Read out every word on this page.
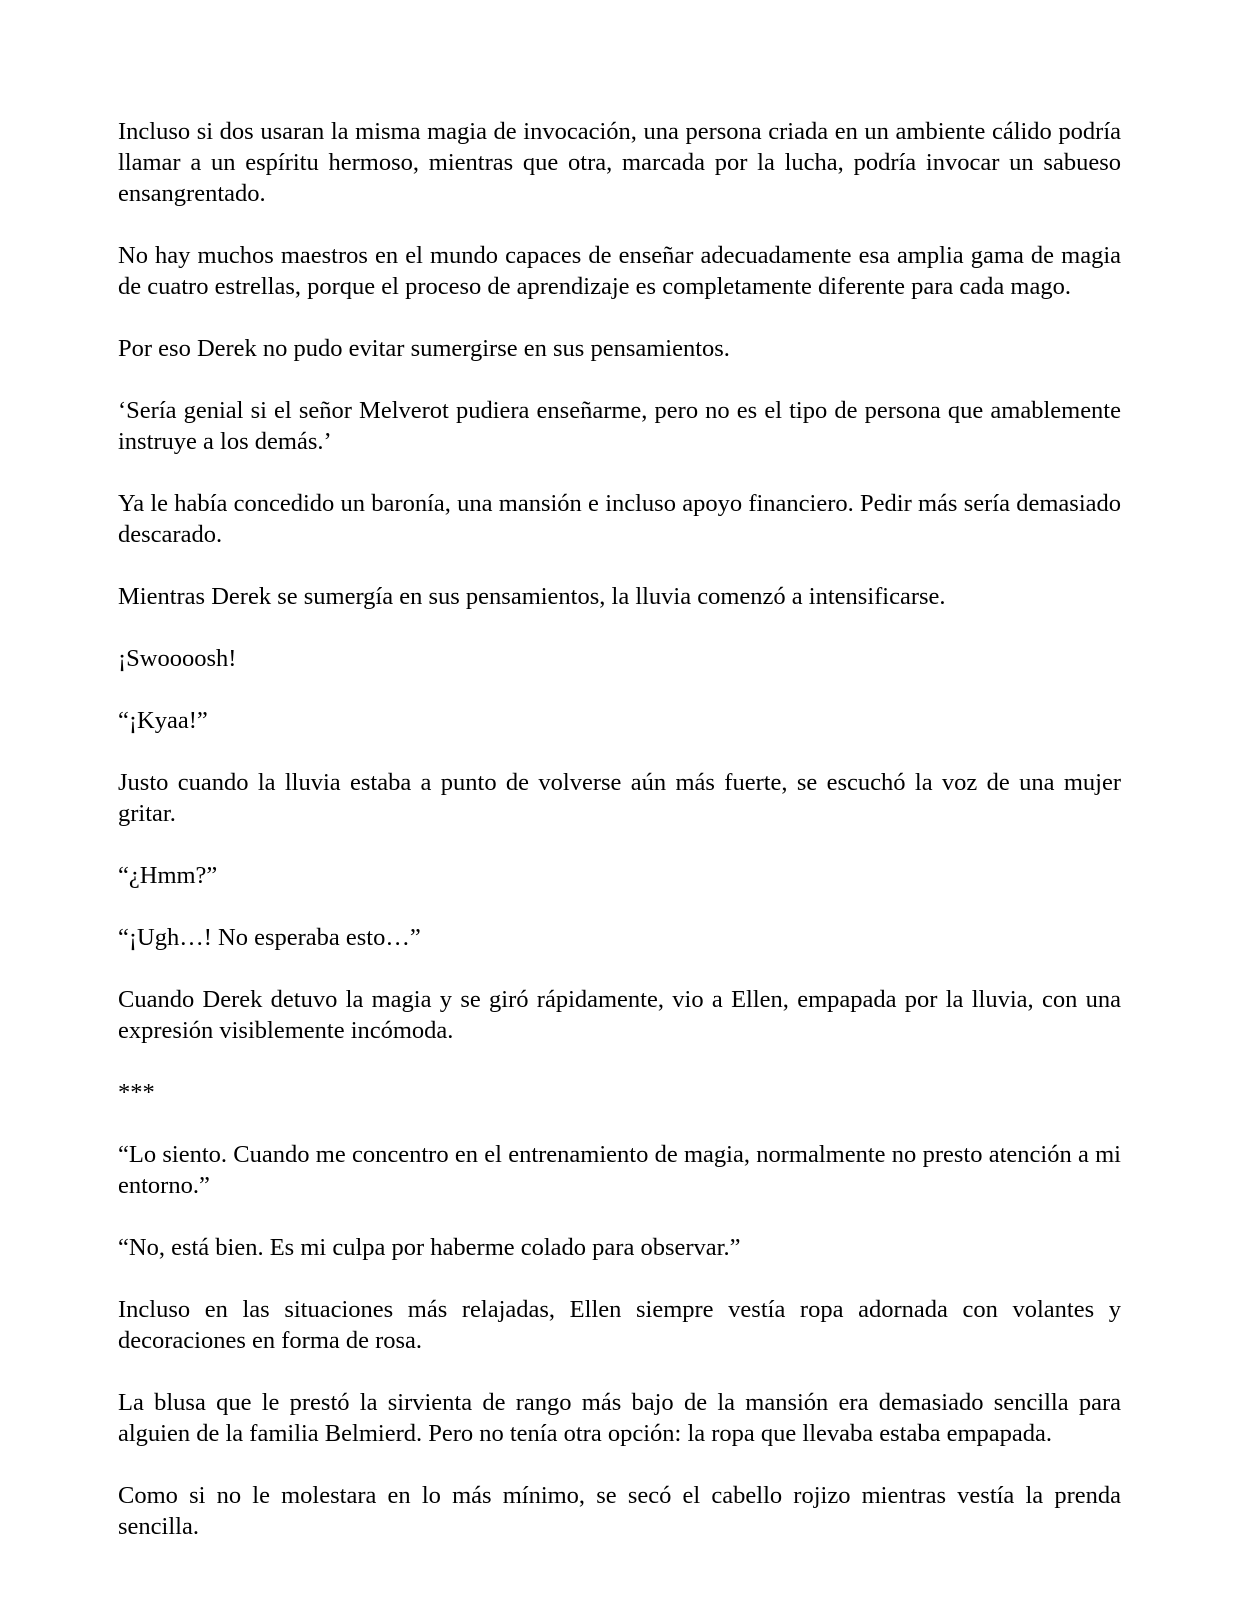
Incluso si dos usaran la misma magia de invocación, una persona criada en un ambiente cálido podría llamar a un espíritu hermoso, mientras que otra, marcada por la lucha, podría invocar un sabueso ensangrentado.

No hay muchos maestros en el mundo capaces de enseñar adecuadamente esa amplia gama de magia de cuatro estrellas, porque el proceso de aprendizaje es completamente diferente para cada mago.

Por eso Derek no pudo evitar sumergirse en sus pensamientos.

‘Sería genial si el señor Melverot pudiera enseñarme, pero no es el tipo de persona que amablemente instruye a los demás.’

Ya le había concedido un baronía, una mansión e incluso apoyo financiero. Pedir más sería demasiado descarado.

Mientras Derek se sumergía en sus pensamientos, la lluvia comenzó a intensificarse.

¡Swoooosh!

“¡Kyaa!”

Justo cuando la lluvia estaba a punto de volverse aún más fuerte, se escuchó la voz de una mujer gritar.

“¿Hmm?”

“¡Ugh…! No esperaba esto…”

Cuando Derek detuvo la magia y se giró rápidamente, vio a Ellen, empapada por la lluvia, con una expresión visiblemente incómoda.

***

“Lo siento. Cuando me concentro en el entrenamiento de magia, normalmente no presto atención a mi entorno.”

“No, está bien. Es mi culpa por haberme colado para observar.”

Incluso en las situaciones más relajadas, Ellen siempre vestía ropa adornada con volantes y decoraciones en forma de rosa.

La blusa que le prestó la sirvienta de rango más bajo de la mansión era demasiado sencilla para alguien de la familia Belmierd. Pero no tenía otra opción: la ropa que llevaba estaba empapada.

Como si no le molestara en lo más mínimo, se secó el cabello rojizo mientras vestía la prenda sencilla.
